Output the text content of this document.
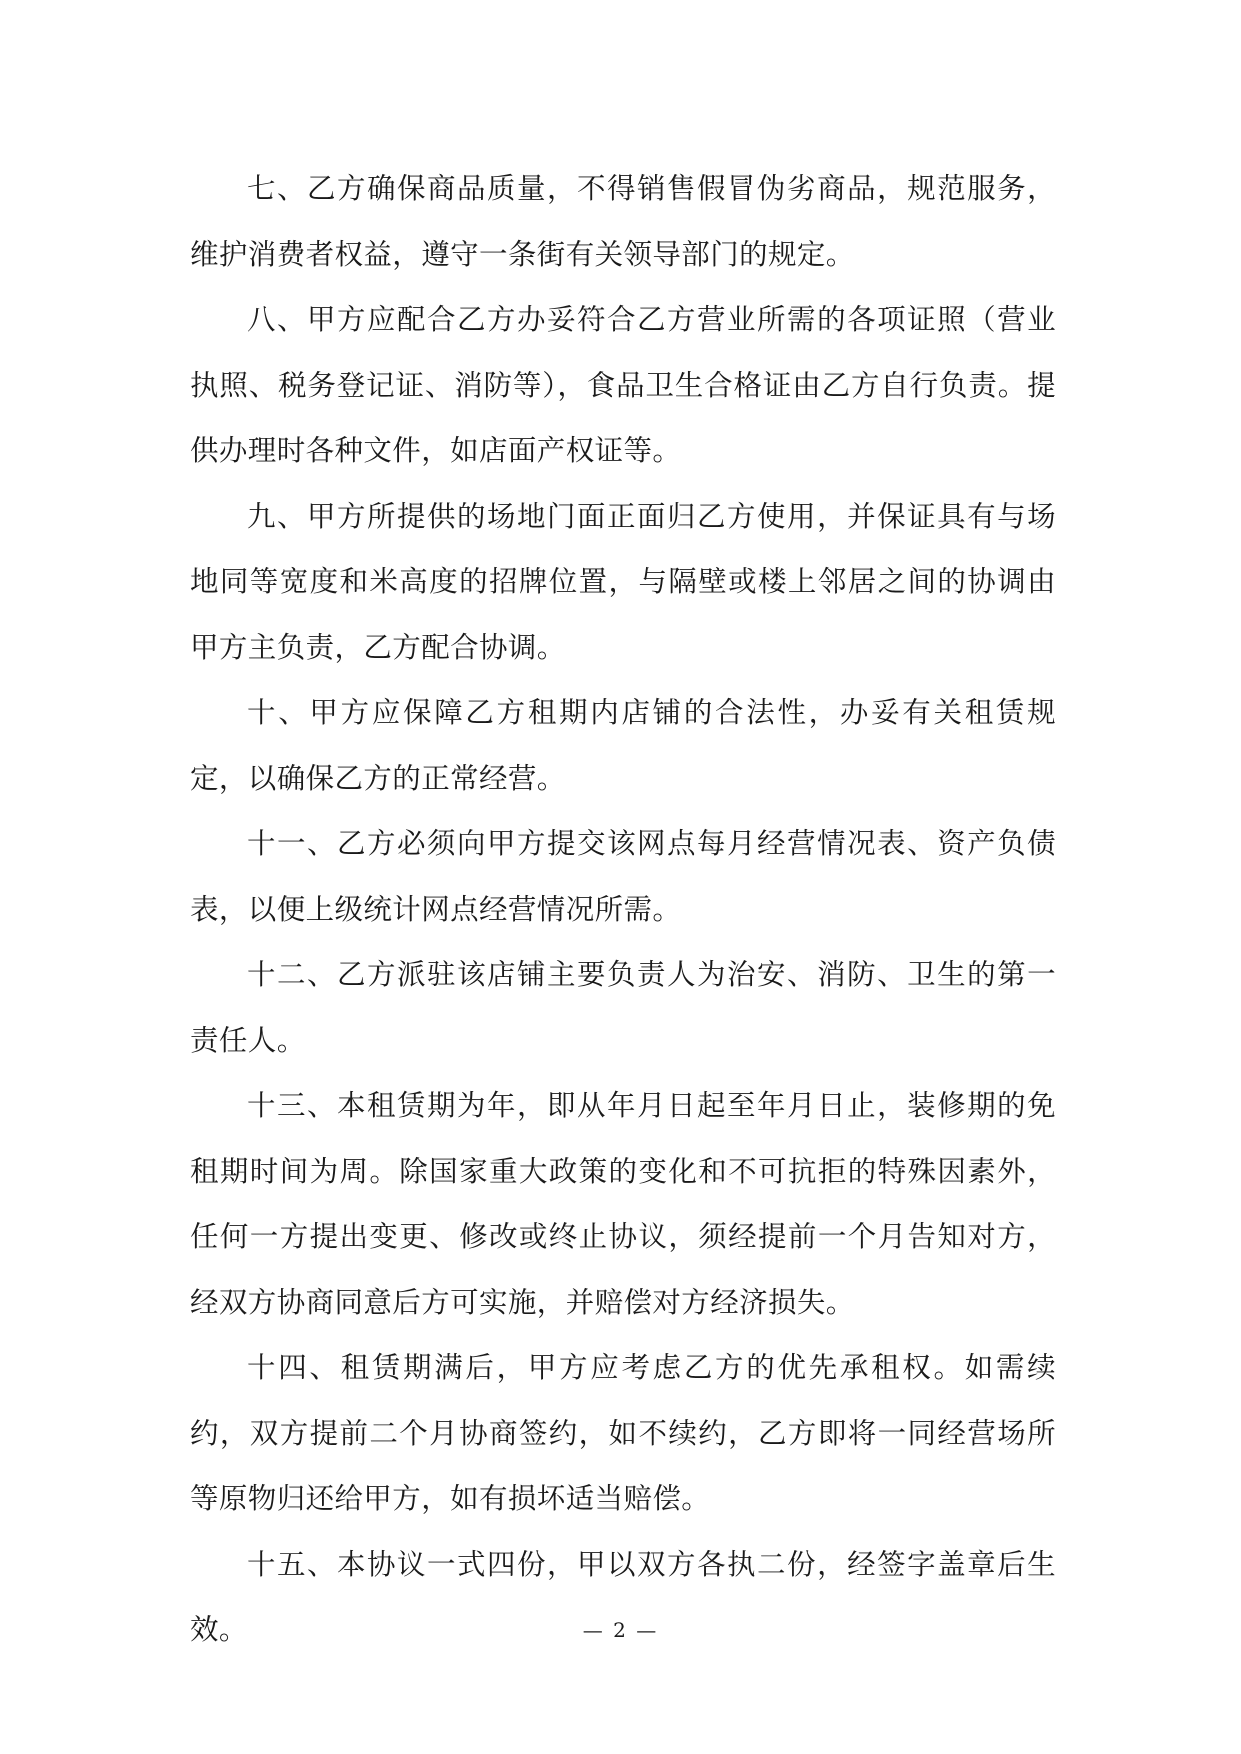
七、乙方确保商品质量，不得销售假冒伪劣商品，规范服务，维护消费者权益，遵守一条街有关领导部门的规定。

八、甲方应配合乙方办妥符合乙方营业所需的各项证照（营业执照、税务登记证、消防等），食品卫生合格证由乙方自行负责。提供办理时各种文件，如店面产权证等。

九、甲方所提供的场地门面正面归乙方使用，并保证具有与场地同等宽度和米高度的招牌位置，与隔壁或楼上邻居之间的协调由甲方主负责，乙方配合协调。

十、甲方应保障乙方租期内店铺的合法性，办妥有关租赁规定，以确保乙方的正常经营。

十一、乙方必须向甲方提交该网点每月经营情况表、资产负债表，以便上级统计网点经营情况所需。

十二、乙方派驻该店铺主要负责人为治安、消防、卫生的第一责任人。

十三、本租赁期为年，即从年月日起至年月日止，装修期的免租期时间为周。除国家重大政策的变化和不可抗拒的特殊因素外，任何一方提出变更、修改或终止协议，须经提前一个月告知对方，经双方协商同意后方可实施，并赔偿对方经济损失。

十四、租赁期满后，甲方应考虑乙方的优先承租权。如需续约，双方提前二个月协商签约，如不续约，乙方即将一同经营场所等原物归还给甲方，如有损坏适当赔偿。

十五、本协议一式四份，甲以双方各执二份，经签字盖章后生效。	— 2 —
